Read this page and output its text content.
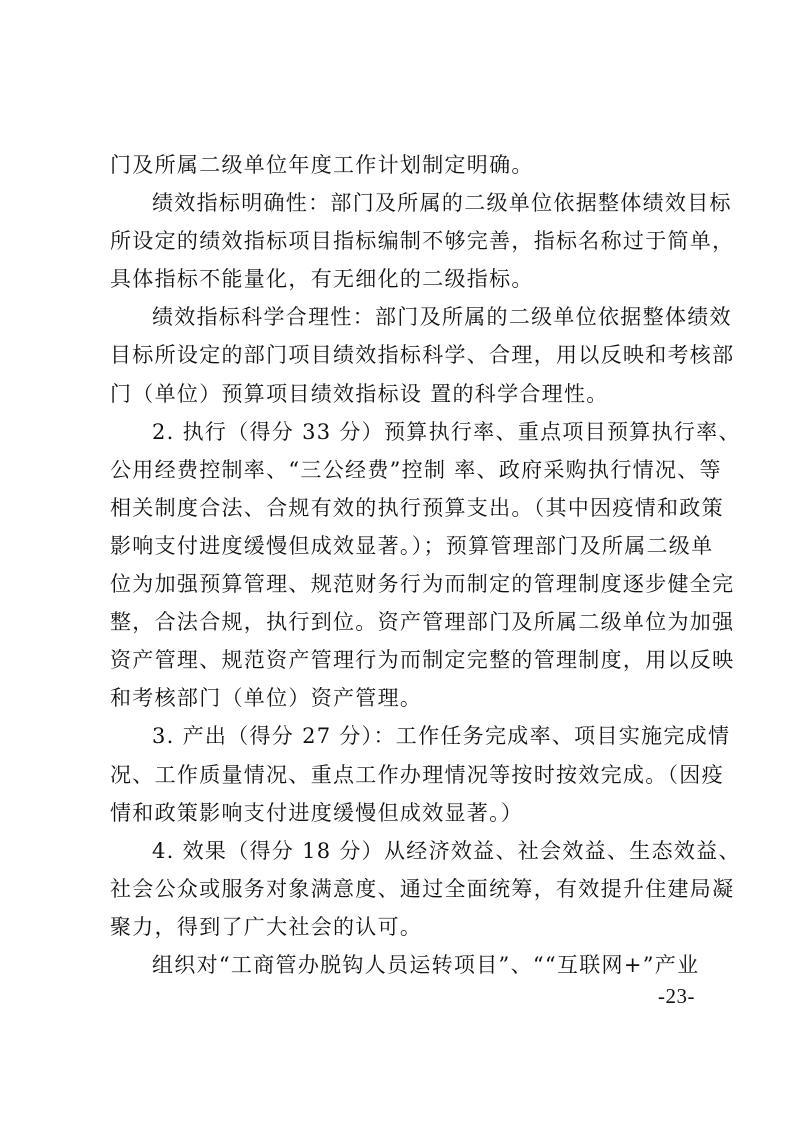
门及所属二级单位年度工作计划制定明确。
绩效指标明确性：部门及所属的二级单位依据整体绩效目标
所设定的绩效指标项目指标编制不够完善，指标名称过于简单，
具体指标不能量化，有无细化的二级指标。
绩效指标科学合理性：部门及所属的二级单位依据整体绩效
目标所设定的部门项目绩效指标科学、合理，用以反映和考核部
门（单位）预算项目绩效指标设 置的科学合理性。
2. 执行（得分 33 分）预算执行率、重点项目预算执行率、
公用经费控制率、“三公经费”控制 率、政府采购执行情况、等
相关制度合法、合规有效的执行预算支出。（其中因疫情和政策
影响支付进度缓慢但成效显著。）；预算管理部门及所属二级单
位为加强预算管理、规范财务行为而制定的管理制度逐步健全完
整，合法合规，执行到位。资产管理部门及所属二级单位为加强
资产管理、规范资产管理行为而制定完整的管理制度，用以反映
和考核部门（单位）资产管理。
3. 产出（得分 27 分）：工作任务完成率、项目实施完成情
况、工作质量情况、重点工作办理情况等按时按效完成。（因疫
情和政策影响支付进度缓慢但成效显著。）
4. 效果（得分 18 分）从经济效益、社会效益、生态效益、
社会公众或服务对象满意度、通过全面统筹，有效提升住建局凝
聚力，得到了广大社会的认可。
组织对“工商管办脱钩人员运转项目”、““互联网+”产业
-23-
